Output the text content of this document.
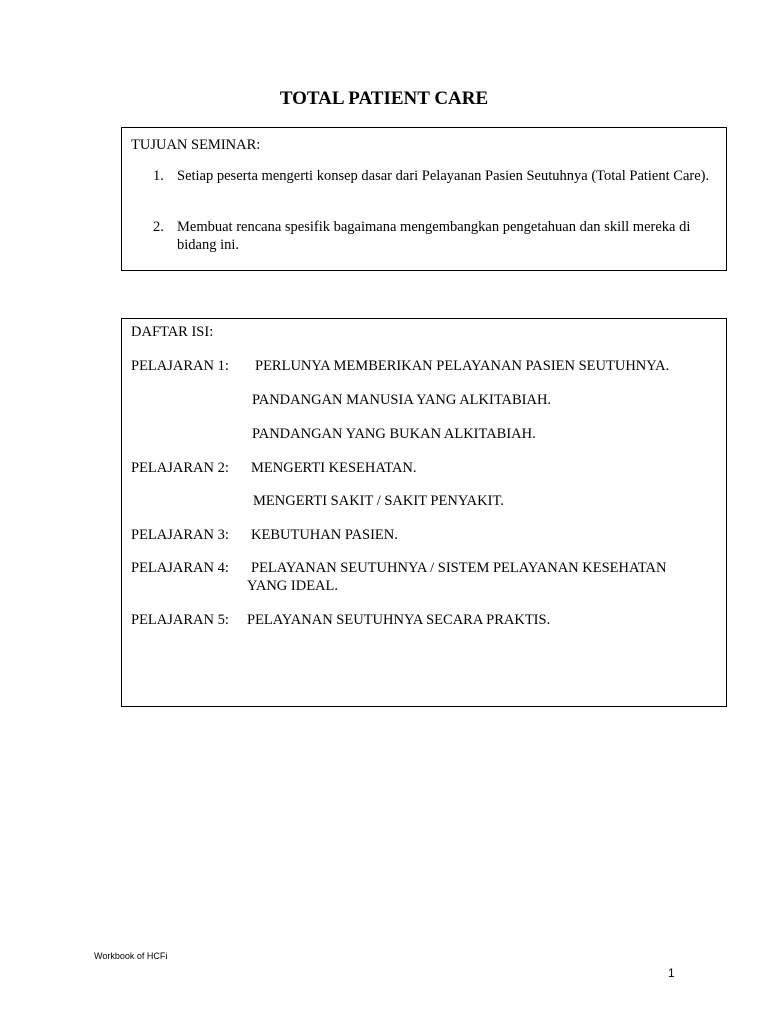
TOTAL PATIENT CARE

TUJUAN SEMINAR:

1. Setiap peserta mengerti konsep dasar dari Pelayanan Pasien Seutuhnya (Total Patient Care).

2. Membuat rencana spesifik bagaimana mengembangkan pengetahuan dan skill mereka di bidang ini.

DAFTAR ISI:

PELAJARAN 1: PERLUNYA MEMBERIKAN PELAYANAN PASIEN SEUTUHNYA.

PANDANGAN MANUSIA YANG ALKITABIAH.

PANDANGAN YANG BUKAN ALKITABIAH.

PELAJARAN 2: MENGERTI KESEHATAN.

MENGERTI SAKIT / SAKIT PENYAKIT.

PELAJARAN 3: KEBUTUHAN PASIEN.

PELAJARAN 4: PELAYANAN SEUTUHNYA / SISTEM PELAYANAN KESEHATAN

YANG IDEAL.

PELAJARAN 5: PELAYANAN SEUTUHNYA SECARA PRAKTIS.

Workbook of HCFi
1
